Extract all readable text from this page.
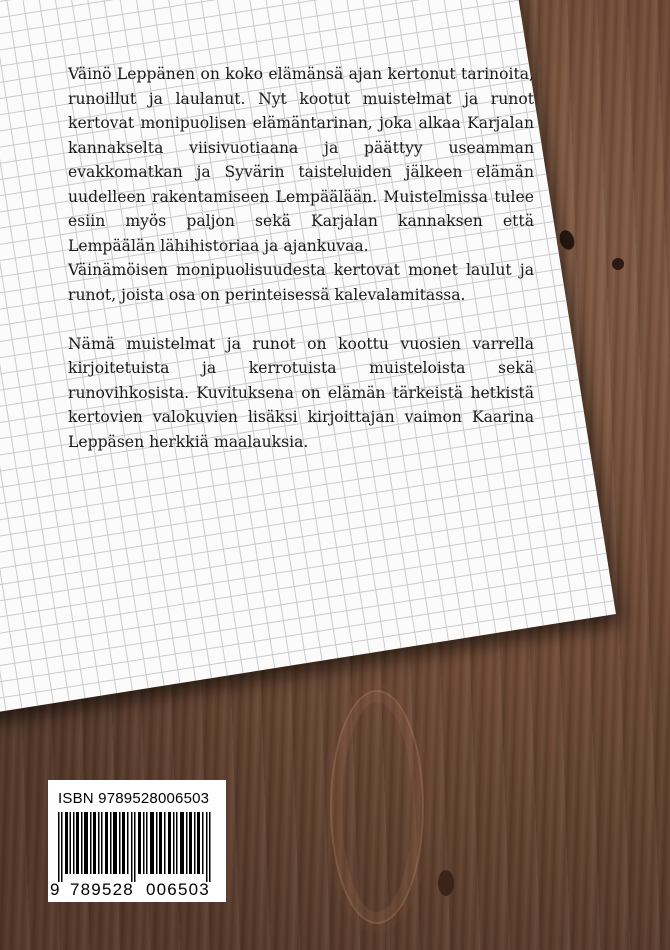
Väinö Leppänen on koko elämänsä ajan kertonut tarinoita, runoillut ja laulanut. Nyt kootut muistelmat ja runot kertovat monipuolisen elämäntarinan, joka alkaa Karjalan kannakselta viisivuotiaana ja päättyy useamman evakkomatkan ja Syvärin taisteluiden jälkeen elämän uudelleen rakentamiseen Lempäälään. Muistelmissa tulee esiin myös paljon sekä Karjalan kannaksen että Lempäälän lähihistoriaa ja ajankuvaa.

Väinämöisen monipuolisuudesta kertovat monet laulut ja runot, joista osa on perinteisessä kalevalamitassa.

Nämä muistelmat ja runot on koottu vuosien varrella kirjoitetuista ja kerrotuista muisteloista sekä runovihkosista. Kuvituksena on elämän tärkeistä hetkistä kertovien valokuvien lisäksi kirjoittajan vaimon Kaarina Leppäsen herkkiä maalauksia.

ISBN 9789528006503
9 789528 006503
